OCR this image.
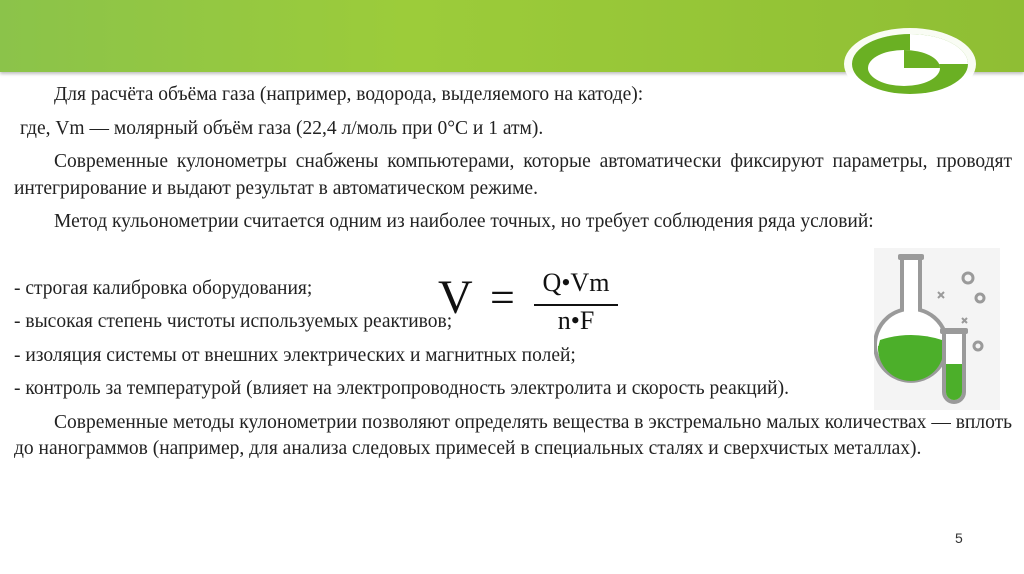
Для расчёта объёма газа (например, водорода, выделяемого на катоде):

где, Vm — молярный объём газа (22,4 л/моль при 0°С и 1 атм).

Современные кулонометры снабжены компьютерами, которые автоматически фиксируют параметры, проводят интегрирование и выдают результат в автоматическом режиме.

Метод кульонометрии считается одним из наиболее точных, но требует соблюдения ряда условий:

- строгая калибровка оборудования;

- высокая степень чистоты используемых реактивов;

- изоляция системы от внешних электрических и магнитных полей;

- контроль за температурой (влияет на электропроводность электролита и скорость реакций).

Современные методы кулонометрии позволяют определять вещества в экстремально малых количествах — вплоть до нанограммов (например, для анализа следовых примесей в специальных сталях и сверхчистых металлах).

V =	Q•Vm
n•F
5
